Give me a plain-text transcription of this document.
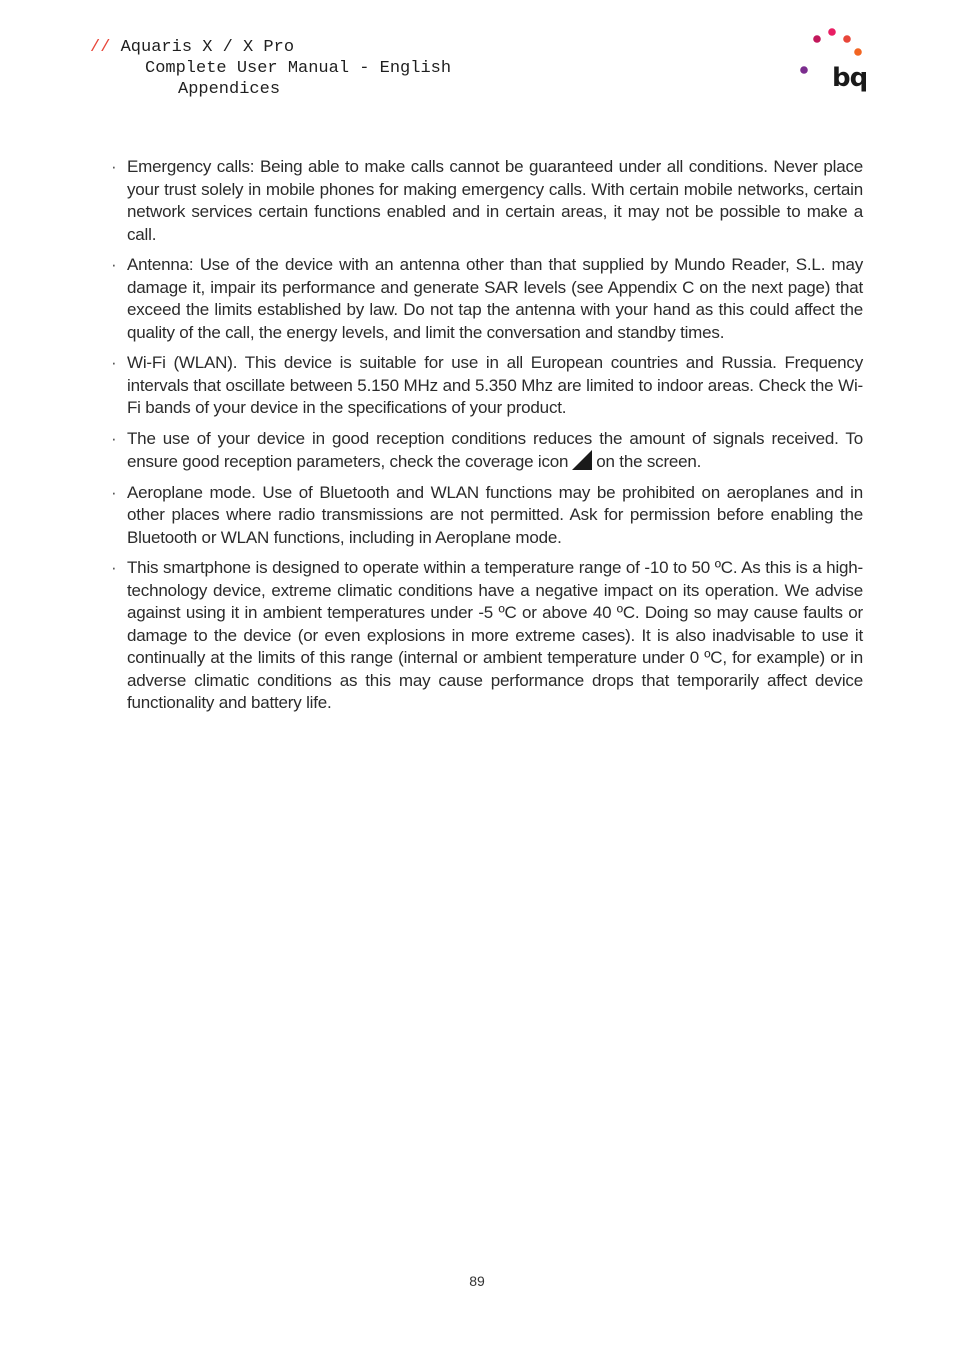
// Aquaris X / X Pro
Complete User Manual - English
Appendices	bq
· Emergency calls: Being able to make calls cannot be guaranteed under all conditions. Never place your trust solely in mobile phones for making emergency calls. With certain mobile networks, certain network services certain functions enabled and in certain areas, it may not be possible to make a call.
· Antenna: Use of the device with an antenna other than that supplied by Mundo Reader, S.L. may damage it, impair its performance and generate SAR levels (see Appendix C on the next page) that exceed the limits established by law. Do not tap the antenna with your hand as this could affect the quality of the call, the energy levels, and limit the conversation and standby times.
· Wi-Fi (WLAN). This device is suitable for use in all European countries and Russia. Frequency intervals that oscillate between 5.150 MHz and 5.350 Mhz are limited to indoor areas. Check the Wi-Fi bands of your device in the specifications of your product.
· The use of your device in good reception conditions reduces the amount of signals received. To ensure good reception parameters, check the coverage icon on the screen.
· Aeroplane mode. Use of Bluetooth and WLAN functions may be prohibited on aeroplanes and in other places where radio transmissions are not permitted. Ask for permission before enabling the Bluetooth or WLAN functions, including in Aeroplane mode.
· This smartphone is designed to operate within a temperature range of -10 to 50 ºC. As this is a high-technology device, extreme climatic conditions have a negative impact on its operation. We advise against using it in ambient temperatures under -5 ºC or above 40 ºC. Doing so may cause faults or damage to the device (or even explosions in more extreme cases). It is also inadvisable to use it continually at the limits of this range (internal or ambient temperature under 0 ºC, for example) or in adverse climatic conditions as this may cause performance drops that temporarily affect device functionality and battery life.
89
